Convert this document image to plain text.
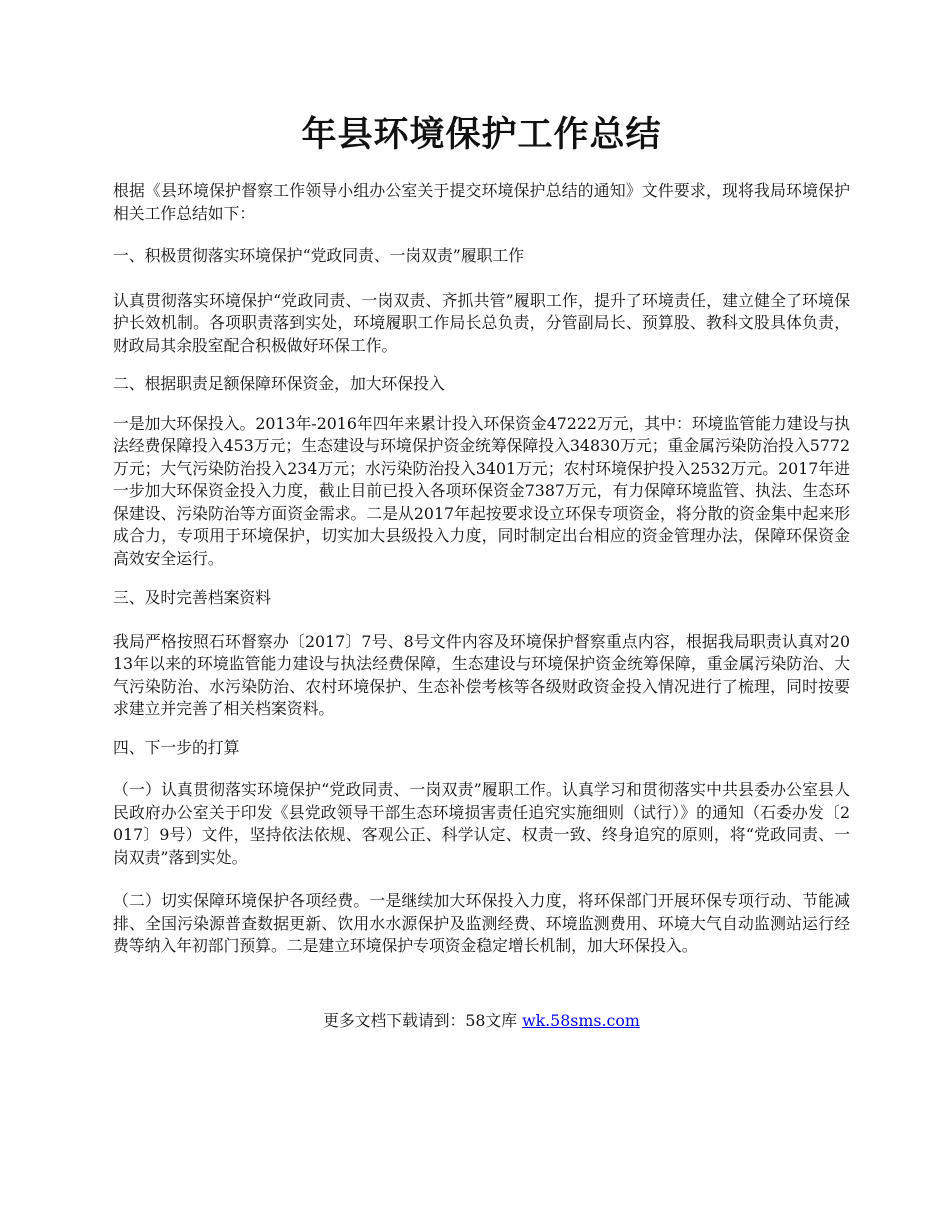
年县环境保护工作总结

根据《县环境保护督察工作领导小组办公室关于提交环境保护总结的通知》文件要求，现将我局环境保护相关工作总结如下：

一、积极贯彻落实环境保护“党政同责、一岗双责”履职工作

认真贯彻落实环境保护“党政同责、一岗双责、齐抓共管”履职工作，提升了环境责任，建立健全了环境保护长效机制。各项职责落到实处，环境履职工作局长总负责，分管副局长、预算股、教科文股具体负责，财政局其余股室配合积极做好环保工作。

二、根据职责足额保障环保资金，加大环保投入

一是加大环保投入。2013年-2016年四年来累计投入环保资金47222万元，其中：环境监管能力建设与执法经费保障投入453万元；生态建设与环境保护资金统筹保障投入34830万元；重金属污染防治投入5772万元；大气污染防治投入234万元；水污染防治投入3401万元；农村环境保护投入2532万元。2017年进一步加大环保资金投入力度，截止目前已投入各项环保资金7387万元，有力保障环境监管、执法、生态环保建设、污染防治等方面资金需求。二是从2017年起按要求设立环保专项资金，将分散的资金集中起来形成合力，专项用于环境保护，切实加大县级投入力度，同时制定出台相应的资金管理办法，保障环保资金高效安全运行。

三、及时完善档案资料

我局严格按照石环督察办〔2017〕7号、8号文件内容及环境保护督察重点内容，根据我局职责认真对2013年以来的环境监管能力建设与执法经费保障，生态建设与环境保护资金统筹保障，重金属污染防治、大气污染防治、水污染防治、农村环境保护、生态补偿考核等各级财政资金投入情况进行了梳理，同时按要求建立并完善了相关档案资料。

四、下一步的打算

（一）认真贯彻落实环境保护“党政同责、一岗双责”履职工作。认真学习和贯彻落实中共县委办公室县人民政府办公室关于印发《县党政领导干部生态环境损害责任追究实施细则（试行）》的通知（石委办发〔2017〕9号）文件，坚持依法依规、客观公正、科学认定、权责一致、终身追究的原则，将“党政同责、一岗双责”落到实处。

（二）切实保障环境保护各项经费。一是继续加大环保投入力度，将环保部门开展环保专项行动、节能减排、全国污染源普查数据更新、饮用水水源保护及监测经费、环境监测费用、环境大气自动监测站运行经费等纳入年初部门预算。二是建立环境保护专项资金稳定增长机制，加大环保投入。

更多文档下载请到：58文库 wk.58sms.com
